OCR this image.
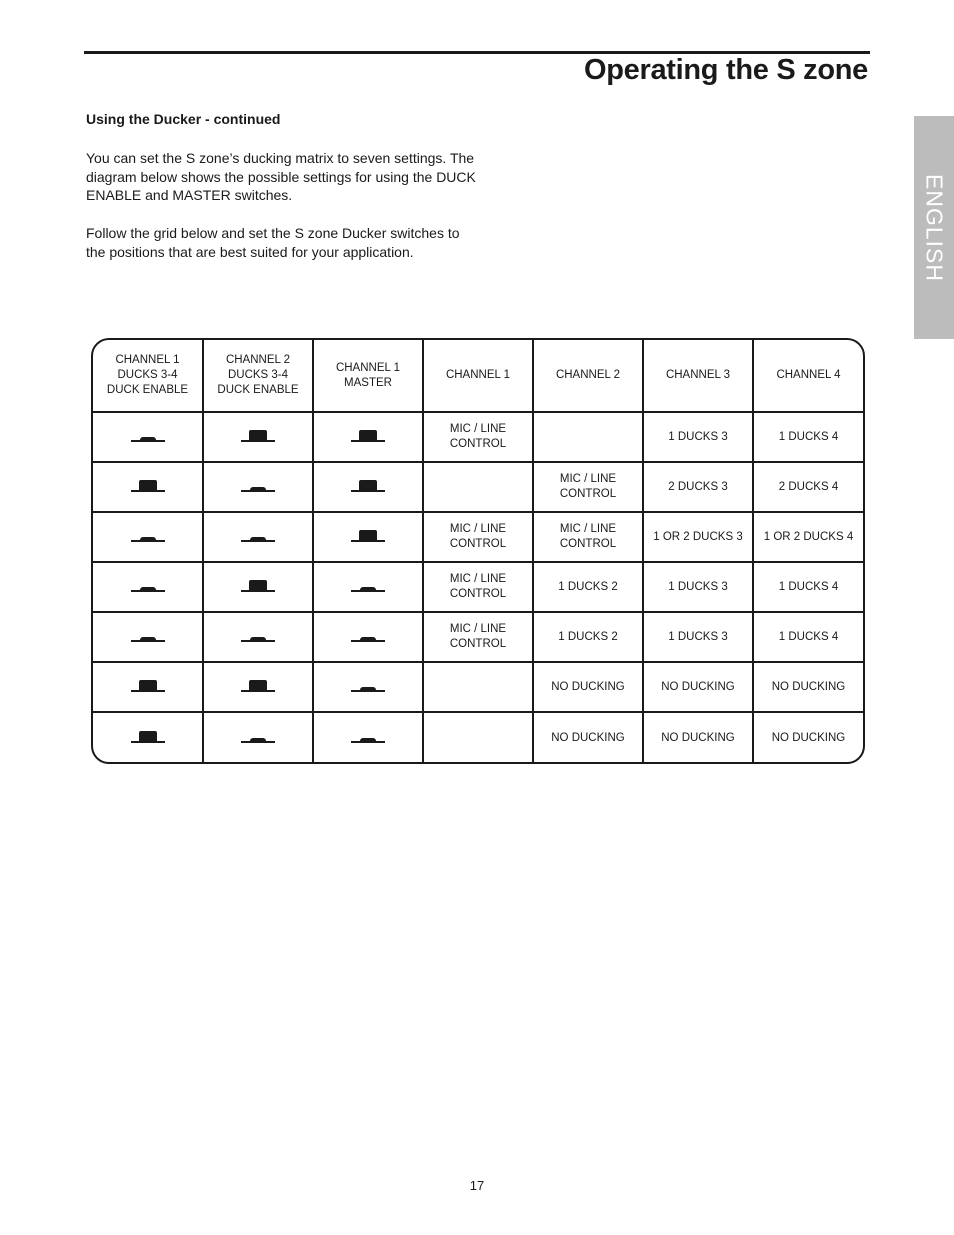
Operating the S zone
ENGLISH
Using the Ducker - continued

You can set the S zone’s ducking matrix to seven settings. The diagram below shows the possible settings for using the DUCK ENABLE and MASTER switches.

Follow the grid below and set the S zone Ducker switches to the positions that are best suited for your application.

CHANNEL 1
DUCKS 3-4
DUCK ENABLE	CHANNEL 2
DUCKS 3-4
DUCK ENABLE	CHANNEL 1
MASTER	CHANNEL 1	CHANNEL 2	CHANNEL 3	CHANNEL 4

	MIC / LINE
CONTROL		1 DUCKS 3	1 DUCKS 4

		MIC / LINE
CONTROL	2 DUCKS 3	2 DUCKS 4

	MIC / LINE
CONTROL	MIC / LINE
CONTROL	1 OR 2 DUCKS 3	1 OR 2 DUCKS 4

	MIC / LINE
CONTROL	1 DUCKS 2	1 DUCKS 3	1 DUCKS 4

	MIC / LINE
CONTROL	1 DUCKS 2	1 DUCKS 3	1 DUCKS 4

		NO DUCKING	NO DUCKING	NO DUCKING

		NO DUCKING	NO DUCKING	NO DUCKING
17
